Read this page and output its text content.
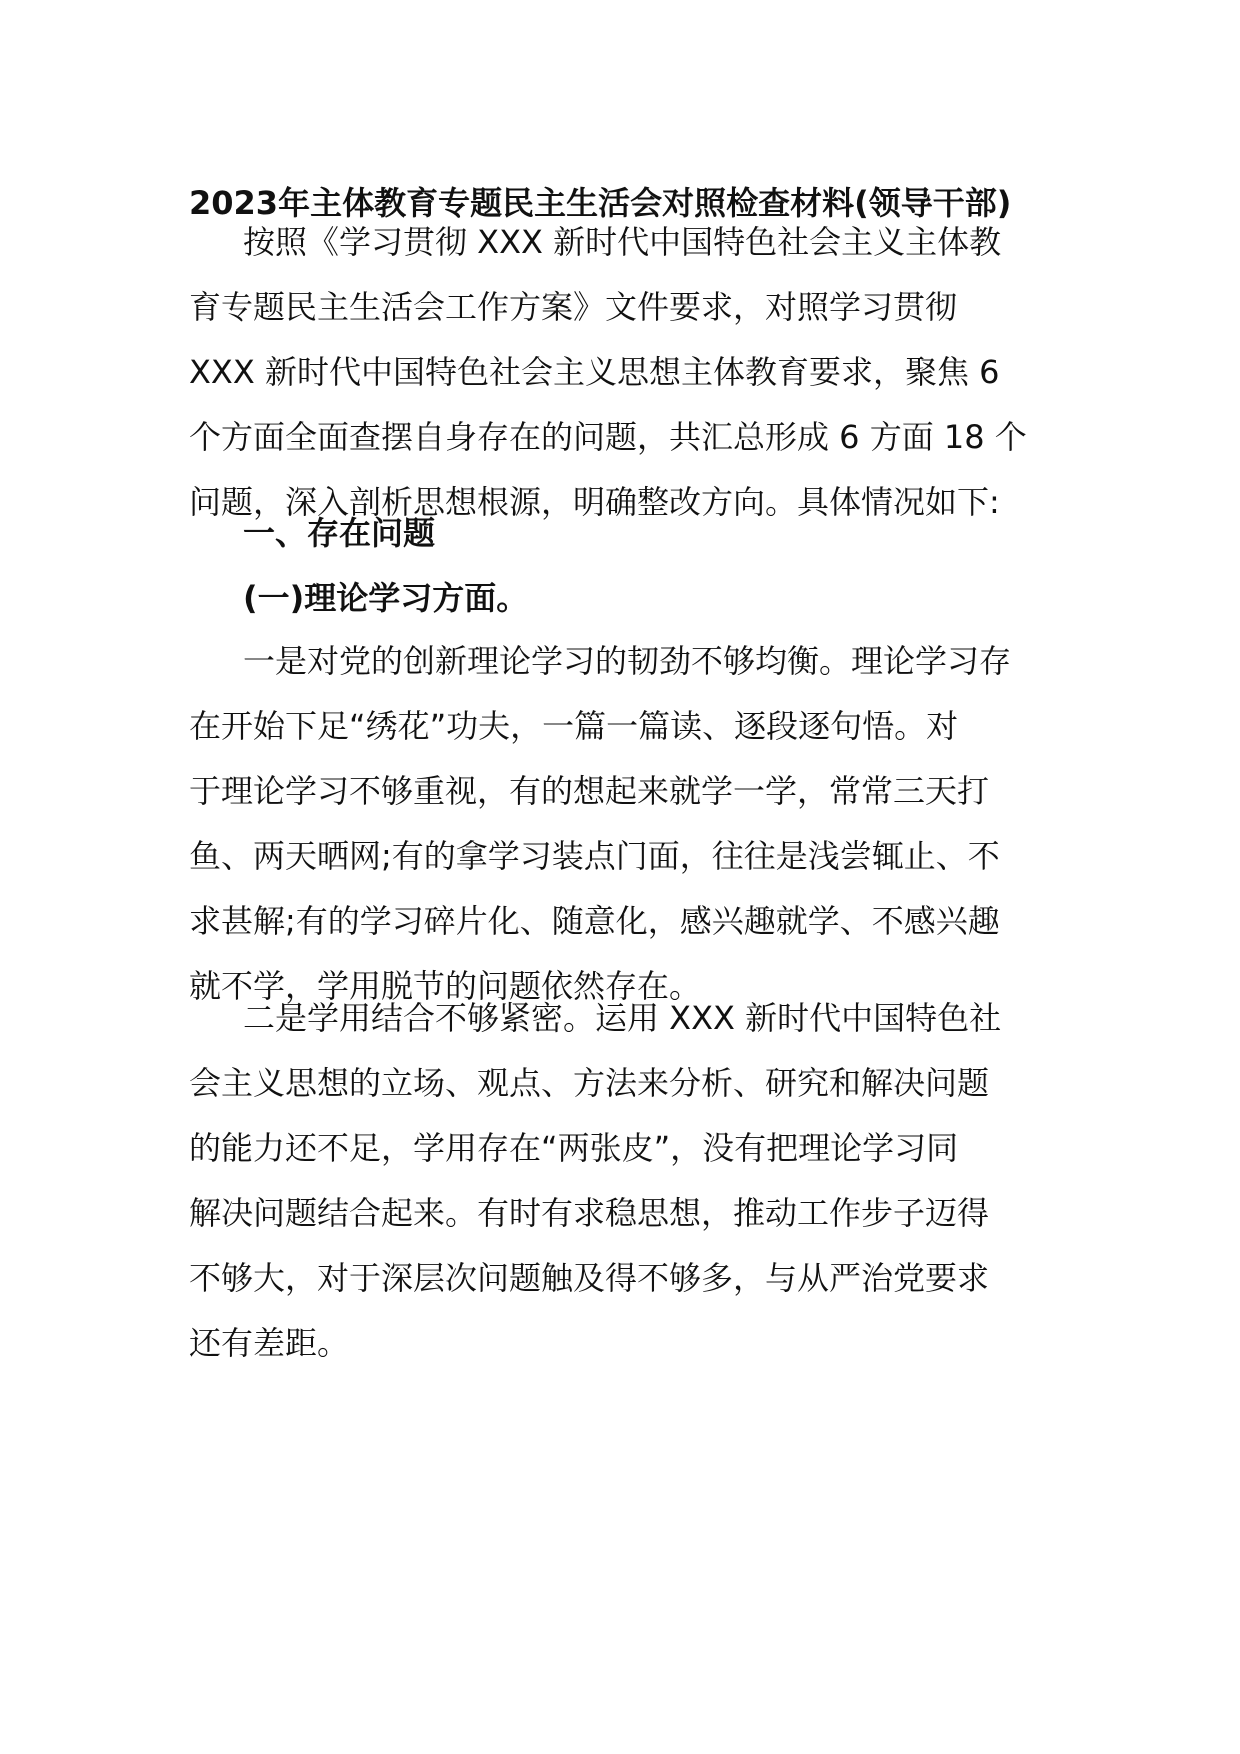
2023年主体教育专题民主生活会对照检查材料(领导干部)
按照《学习贯彻 XXX 新时代中国特色社会主义主体教
育专题民主生活会工作方案》文件要求，对照学习贯彻
XXX 新时代中国特色社会主义思想主体教育要求，聚焦 6
个方面全面查摆自身存在的问题，共汇总形成 6 方面 18 个
问题，深入剖析思想根源，明确整改方向。具体情况如下:
一、存在问题
(一)理论学习方面。
一是对党的创新理论学习的韧劲不够均衡。理论学习存
在开始下足“绣花”功夫，一篇一篇读、逐段逐句悟。对
于理论学习不够重视，有的想起来就学一学，常常三天打
鱼、两天晒网;有的拿学习装点门面，往往是浅尝辄止、不
求甚解;有的学习碎片化、随意化，感兴趣就学、不感兴趣
就不学，学用脱节的问题依然存在。
二是学用结合不够紧密。运用 XXX 新时代中国特色社
会主义思想的立场、观点、方法来分析、研究和解决问题
的能力还不足，学用存在“两张皮”，没有把理论学习同
解决问题结合起来。有时有求稳思想，推动工作步子迈得
不够大，对于深层次问题触及得不够多，与从严治党要求
还有差距。
